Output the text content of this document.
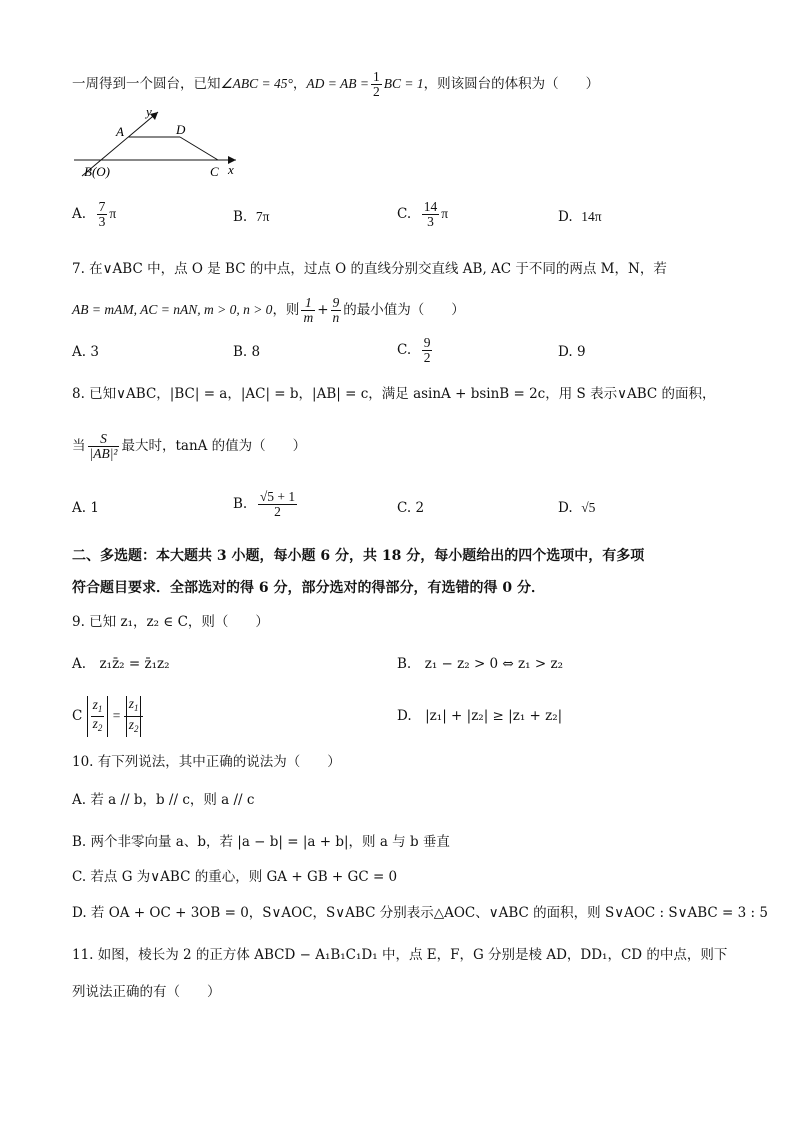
一周得到一个圆台，已知∠ABC = 45°，AD = AB = $\frac{1}{2}$ BC = 1，则该圆台的体积为（　　）
y
A	D
B(O)	C x
A. $\frac{7}{3}$ π	B. 7π	C. $\frac{14}{3}$ π	D. 14π
7. 在∨ABC 中，点 O 是 BC 的中点，过点 O 的直线分别交直线 AB, AC 于不同的两点 M，N，若
AB = mAM, AC = nAN, m > 0, n > 0，则 $\frac{1}{m} + \frac{9}{n}$ 的最小值为（　　）
A. 3	B. 8	C. $\frac{9}{2}$	D. 9
8. 已知∨ABC，|BC| = a，|AC| = b，|AB| = c，满足 asinA + bsinB = 2c，用 S 表示∨ABC 的面积，
当 $\frac{S}{\text{|AB|²}}$ 最大时，tanA 的值为（　　）
A. 1	B. $\frac{√5 + 1}{2}$	C. 2	D. √5
二、多选题：本大题共 3 小题，每小题 6 分，共 18 分，每小题给出的四个选项中，有多项
符合题目要求．全部选对的得 6 分，部分选对的得部分，有选错的得 0 分．
9. 已知 z₁，z₂ ∈ C，则（　　）
A.　z₁z̄₂ = z̄₁z₂	B.　z₁ − z₂ > 0 ⇔ z₁ > z₂
C $\frac{z_1}{z_2} = \frac{z_1}{z_2}$	D.　|z₁| + |z₂| ≥ |z₁ + z₂|
10. 有下列说法，其中正确的说法为（　　）
A. 若 a // b，b // c，则 a // c
B. 两个非零向量 a、b，若 |a − b| = |a + b|，则 a 与 b 垂直
C. 若点 G 为∨ABC 的重心，则 GA + GB + GC = 0
D. 若 OA + OC + 3OB = 0，S∨AOC，S∨ABC 分别表示△AOC、∨ABC 的面积，则 S∨AOC : S∨ABC = 3 : 5
11. 如图，棱长为 2 的正方体 ABCD − A₁B₁C₁D₁ 中，点 E，F，G 分别是棱 AD，DD₁，CD 的中点，则下
列说法正确的有（　　）
